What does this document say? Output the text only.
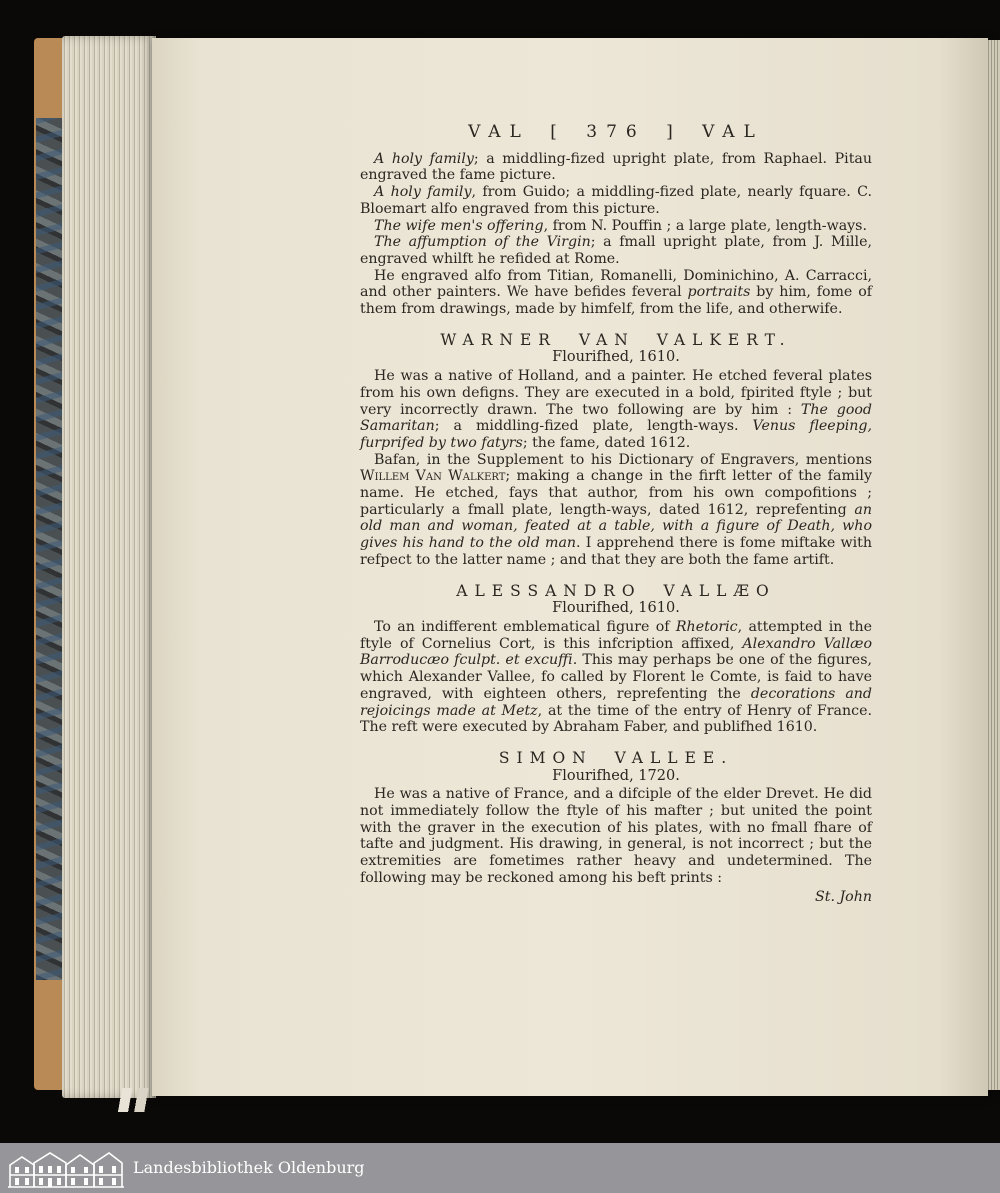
VAL [ 376 ] VAL

A holy family; a middling-fized upright plate, from Raphael. Pitau engraved the fame picture.

A holy family, from Guido; a middling-fized plate, nearly fquare. C. Bloemart alfo engraved from this picture.

The wife men's offering, from N. Pouffin ; a large plate, length-ways.

The affumption of the Virgin; a fmall upright plate, from J. Mille, engraved whilft he refided at Rome.

He engraved alfo from Titian, Romanelli, Dominichino, A. Carracci, and other painters. We have befides feveral portraits by him, fome of them from drawings, made by himfelf, from the life, and otherwife.

WARNER VAN VALKERT.
Flourifhed, 1610.

He was a native of Holland, and a painter. He etched feveral plates from his own defigns. They are executed in a bold, fpirited ftyle ; but very incorrectly drawn. The two following are by him : The good Samaritan; a middling-fized plate, length-ways. Venus fleeping, furprifed by two fatyrs; the fame, dated 1612.

Bafan, in the Supplement to his Dictionary of Engravers, mentions Willem Van Walkert; making a change in the firft letter of the family name. He etched, fays that author, from his own compofitions ; particularly a fmall plate, length-ways, dated 1612, reprefenting an old man and woman, feated at a table, with a figure of Death, who gives his hand to the old man. I apprehend there is fome miftake with refpect to the latter name ; and that they are both the fame artift.

ALESSANDRO VALLÆO
Flourifhed, 1610.

To an indifferent emblematical figure of Rhetoric, attempted in the ftyle of Cornelius Cort, is this infcription affixed, Alexandro Vallæo Barroducæo fculpt. et excuffi. This may perhaps be one of the figures, which Alexander Vallee, fo called by Florent le Comte, is faid to have engraved, with eighteen others, reprefenting the decorations and rejoicings made at Metz, at the time of the entry of Henry of France. The reft were executed by Abraham Faber, and publifhed 1610.

SIMON VALLEE.
Flourifhed, 1720.

He was a native of France, and a difciple of the elder Drevet. He did not immediately follow the ftyle of his mafter ; but united the point with the graver in the execution of his plates, with no fmall fhare of tafte and judgment. His drawing, in general, is not incorrect ; but the extremities are fometimes rather heavy and undetermined. The following may be reckoned among his beft prints :

St. John
Landesbibliothek Oldenburg
